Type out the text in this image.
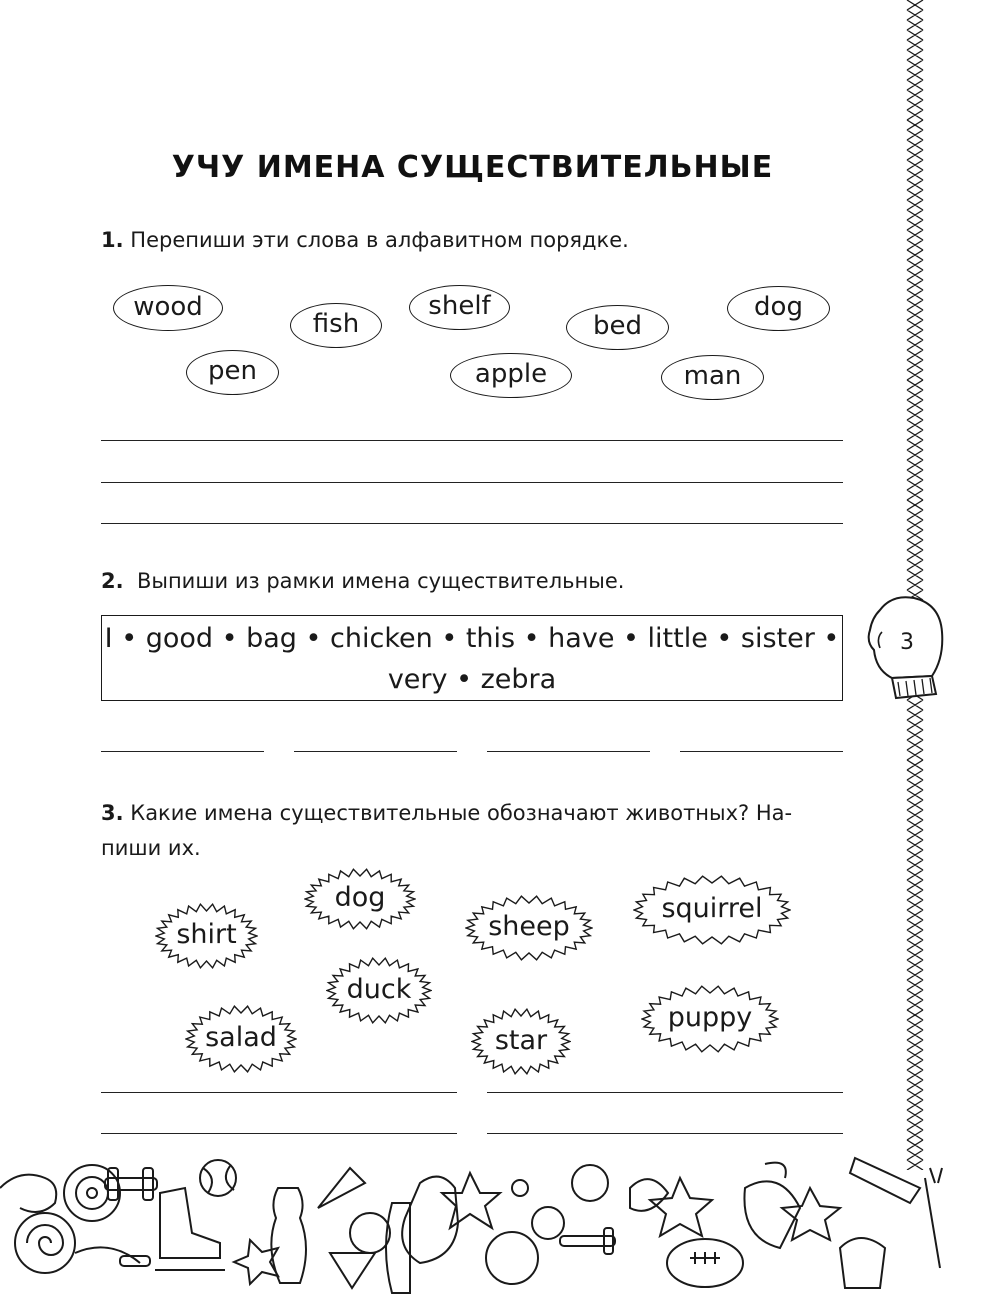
3
УЧУ ИМЕНА СУЩЕСТВИТЕЛЬНЫЕ
1. Перепиши эти слова в алфавитном порядке.
wood
fish
shelf
bed
dog
pen	apple	man
2. Выпиши из рамки имена существительные.
I • good • bag • chicken • this • have • little • sister •
very • zebra
3. Какие имена существительные обозначают животных? На-
пиши их.
dog	squirrel
shirt	sheep
duck
puppy
salad	star
